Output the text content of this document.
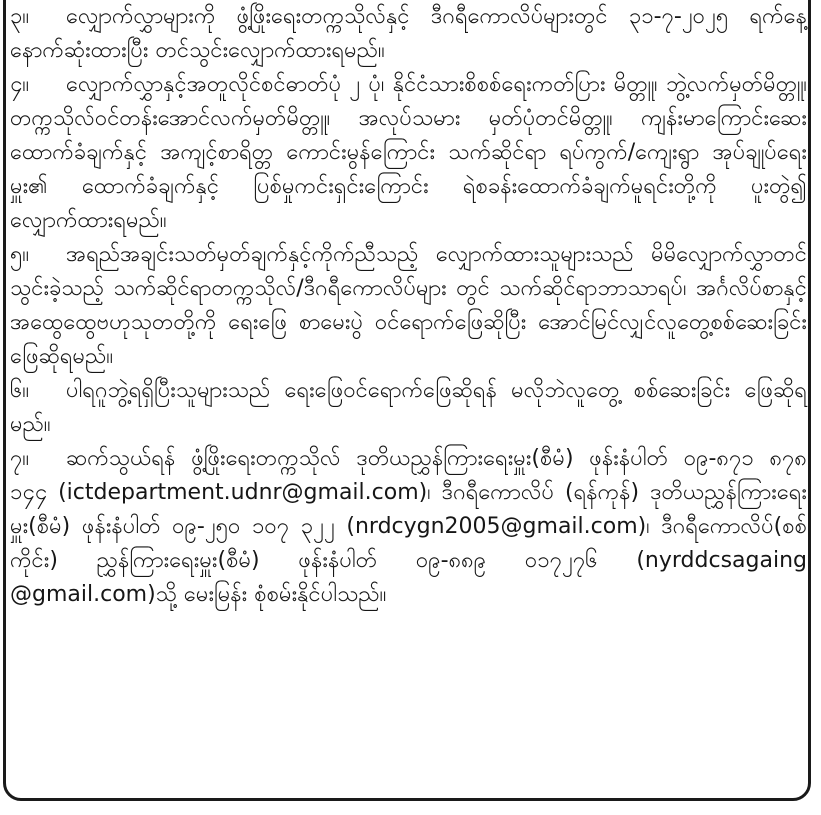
၃။ လျှောက်လွှာများကို ဖွံ့ဖြိုးရေးတက္ကသိုလ်နှင့် ဒီဂရီကောလိပ်များတွင် ၃၁-၇-၂၀၂၅ ရက်နေ့ နောက်ဆုံးထားပြီး တင်သွင်းလျှောက်ထားရမည်။

၄။ လျှောက်လွှာနှင့်အတူလိုင်စင်ဓာတ်ပုံ ၂ ပုံ၊ နိုင်ငံသားစိစစ်ရေးကတ်ပြား မိတ္တူ၊ ဘွဲ့လက်မှတ်မိတ္တူ၊ တက္ကသိုလ်ဝင်တန်းအောင်လက်မှတ်မိတ္တူ၊ အလုပ်သမား မှတ်ပုံတင်မိတ္တူ၊ ကျန်းမာကြောင်းဆေး ထောက်ခံချက်နှင့် အကျင့်စာရိတ္တ ကောင်းမွန်ကြောင်း သက်ဆိုင်ရာ ရပ်ကွက်/ကျေးရွာ အုပ်ချုပ်ရေးမှူး၏ ထောက်ခံချက်နှင့် ပြစ်မှုကင်းရှင်းကြောင်း ရဲစခန်းထောက်ခံချက်မူရင်းတို့ကို ပူးတွဲ၍ လျှောက်ထားရမည်။

၅။ အရည်အချင်းသတ်မှတ်ချက်နှင့်ကိုက်ညီသည့် လျှောက်ထားသူများသည် မိမိလျှောက်လွှာတင်သွင်းခဲ့သည့် သက်ဆိုင်ရာတက္ကသိုလ်/ဒီဂရီကောလိပ်များ တွင် သက်ဆိုင်ရာဘာသာရပ်၊ အင်္ဂလိပ်စာနှင့်အထွေထွေဗဟုသုတတို့ကို ရေးဖြေ စာမေးပွဲ ဝင်ရောက်ဖြေဆိုပြီး အောင်မြင်လျှင်လူတွေ့စစ်ဆေးခြင်း ဖြေဆိုရမည်။

၆။ ပါရဂူဘွဲ့ရရှိပြီးသူများသည် ရေးဖြေဝင်ရောက်ဖြေဆိုရန် မလိုဘဲလူတွေ့ စစ်ဆေးခြင်း ဖြေဆိုရမည်။

၇။ ဆက်သွယ်ရန် ဖွံ့ဖြိုးရေးတက္ကသိုလ် ဒုတိယညွှန်ကြားရေးမှူး(စီမံ) ဖုန်းနံပါတ် ၀၉-၈၇၁ ၈၇၈ ၁၄၄ (ictdepartment.udnr@gmail.com)၊ ဒီဂရီကောလိပ် (ရန်ကုန်) ဒုတိယညွှန်ကြားရေးမှူး(စီမံ) ဖုန်းနံပါတ် ၀၉-၂၅၀ ၁၀၇ ၃၂၂ (nrdcygn2005@gmail.com)၊ ဒီဂရီကောလိပ်(စစ်ကိုင်း) ညွှန်ကြားရေးမှူး(စီမံ) ဖုန်းနံပါတ် ၀၉-၈၈၉ ၀၁၇၂၇၆ (nyrddcsagaing @gmail.com)သို့ မေးမြန်း စုံစမ်းနိုင်ပါသည်။
